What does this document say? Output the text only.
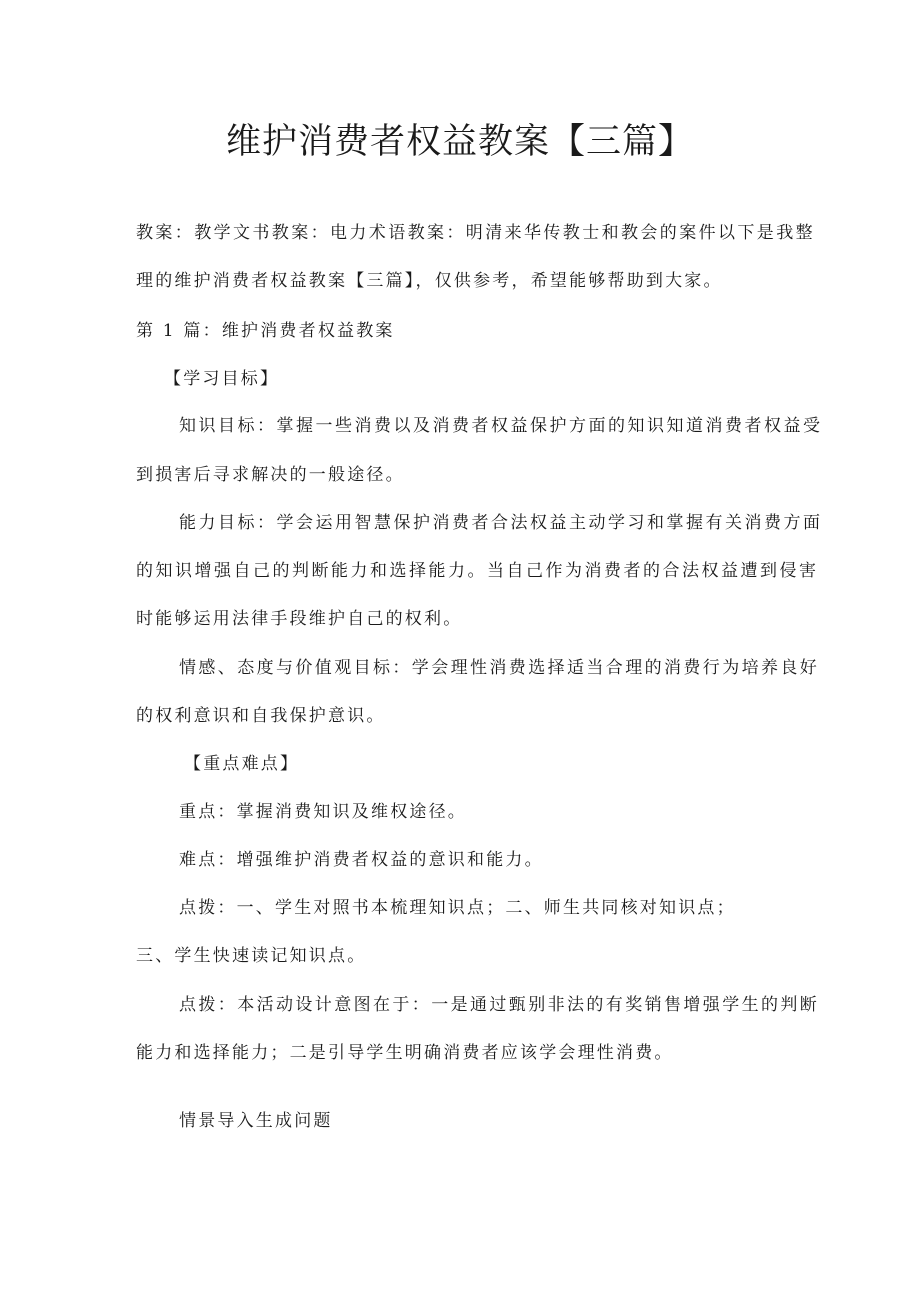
维护消费者权益教案【三篇】

教案：教学文书教案：电力术语教案：明清来华传教士和教会的案件以下是我整

理的维护消费者权益教案【三篇】，仅供参考，希望能够帮助到大家。

第 1 篇：维护消费者权益教案

【学习目标】

知识目标：掌握一些消费以及消费者权益保护方面的知识知道消费者权益受

到损害后寻求解决的一般途径。

能力目标：学会运用智慧保护消费者合法权益主动学习和掌握有关消费方面

的知识增强自己的判断能力和选择能力。当自己作为消费者的合法权益遭到侵害

时能够运用法律手段维护自己的权利。

情感、态度与价值观目标：学会理性消费选择适当合理的消费行为培养良好

的权利意识和自我保护意识。

【重点难点】

重点：掌握消费知识及维权途径。

难点：增强维护消费者权益的意识和能力。

点拨：一、学生对照书本梳理知识点；二、师生共同核对知识点；

三、学生快速读记知识点。

点拨：本活动设计意图在于：一是通过甄别非法的有奖销售增强学生的判断

能力和选择能力；二是引导学生明确消费者应该学会理性消费。

情景导入生成问题
